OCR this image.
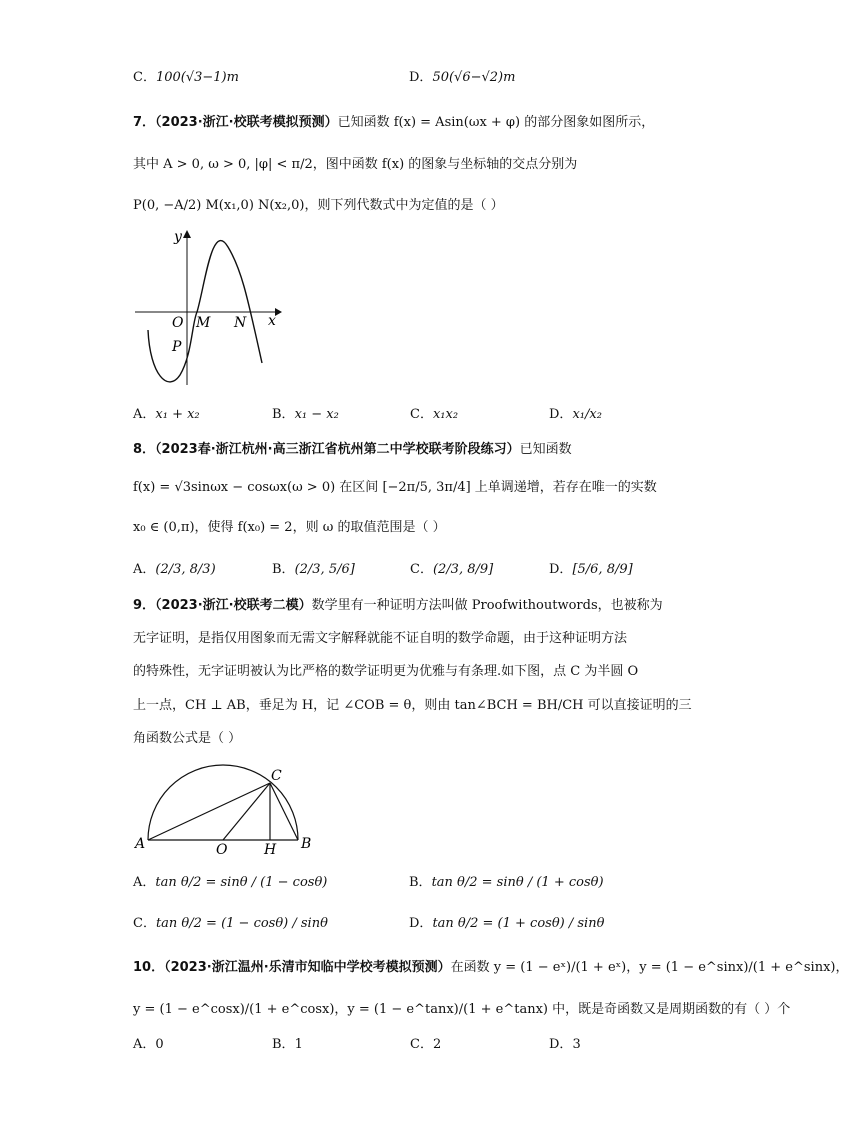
C．100(√3−1)m	D．50(√6−√2)m
7．（2023·浙江·校联考模拟预测）已知函数 f(x) = Asin(ωx + φ) 的部分图象如图所示，
其中 A > 0, ω > 0, |φ| < π/2，图中函数 f(x) 的图象与坐标轴的交点分别为
P(0, −A/2) M(x₁,0) N(x₂,0)，则下列代数式中为定值的是（ ）
y
x
O M N
P
A．x₁ + x₂	B．x₁ − x₂	C．x₁x₂	D．x₁/x₂
8．（2023春·浙江杭州·高三浙江省杭州第二中学校联考阶段练习）已知函数
f(x) = √3sinωx − cosωx(ω > 0) 在区间 [−2π/5, 3π/4] 上单调递增，若存在唯一的实数
x₀ ∈ (0,π)，使得 f(x₀) = 2，则 ω 的取值范围是（ ）
A．(2/3, 8/3)	B．(2/3, 5/6]	C．(2/3, 8/9]	D．[5/6, 8/9]
9．（2023·浙江·校联考二模）数学里有一种证明方法叫做 Proofwithoutwords，也被称为
无字证明，是指仅用图象而无需文字解释就能不证自明的数学命题，由于这种证明方法
的特殊性，无字证明被认为比严格的数学证明更为优雅与有条理.如下图，点 C 为半圆 O
上一点，CH ⊥ AB，垂足为 H，记 ∠COB = θ，则由 tan∠BCH = BH/CH 可以直接证明的三
角函数公式是（ ）
A	B
C
O	H
A．tan θ/2 = sinθ / (1 − cosθ)	B．tan θ/2 = sinθ / (1 + cosθ)
C．tan θ/2 = (1 − cosθ) / sinθ	D．tan θ/2 = (1 + cosθ) / sinθ
10．（2023·浙江温州·乐清市知临中学校考模拟预测）在函数 y = (1 − eˣ)/(1 + eˣ)，y = (1 − e^sinx)/(1 + e^sinx)，
y = (1 − e^cosx)/(1 + e^cosx)，y = (1 − e^tanx)/(1 + e^tanx) 中，既是奇函数又是周期函数的有（ ）个
A．0	B．1	C．2	D．3
